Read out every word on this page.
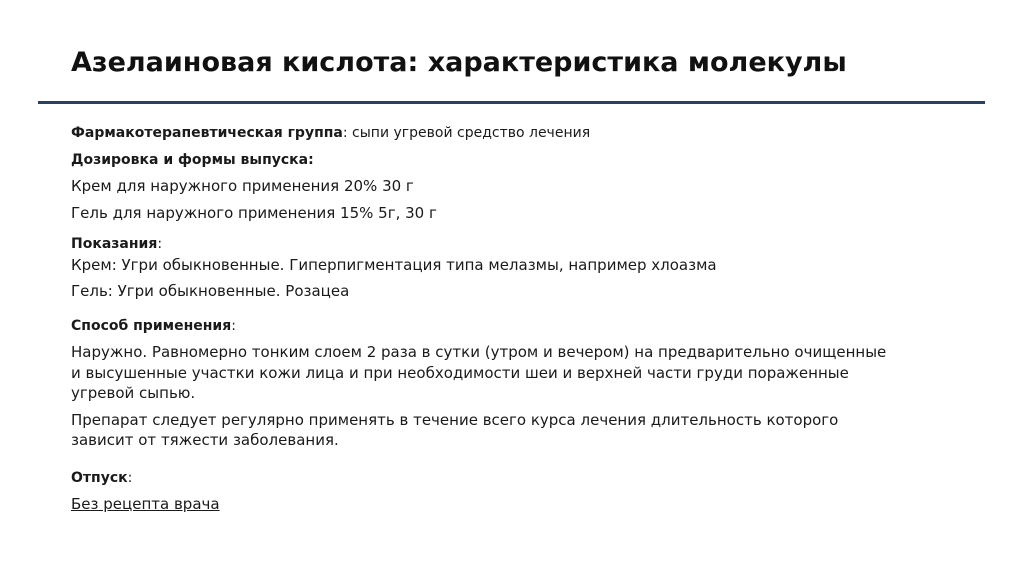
Азелаиновая кислота: характеристика молекулы

Фармакотерапевтическая группа: сыпи угревой средство лечения

Дозировка и формы выпуска:

Крем для наружного применения 20% 30 г

Гель для наружного применения 15% 5г, 30 г

Показания:

Крем: Угри обыкновенные. Гиперпигментация типа мелазмы, например хлоазма

Гель: Угри обыкновенные. Розацеа

Способ применения:

Наружно. Равномерно тонким слоем 2 раза в сутки (утром и вечером) на предварительно очищенные и высушенные участки кожи лица и при необходимости шеи и верхней части груди пораженные угревой сыпью.

Препарат следует регулярно применять в течение всего курса лечения длительность которого зависит от тяжести заболевания.

Отпуск:

Без рецепта врача
